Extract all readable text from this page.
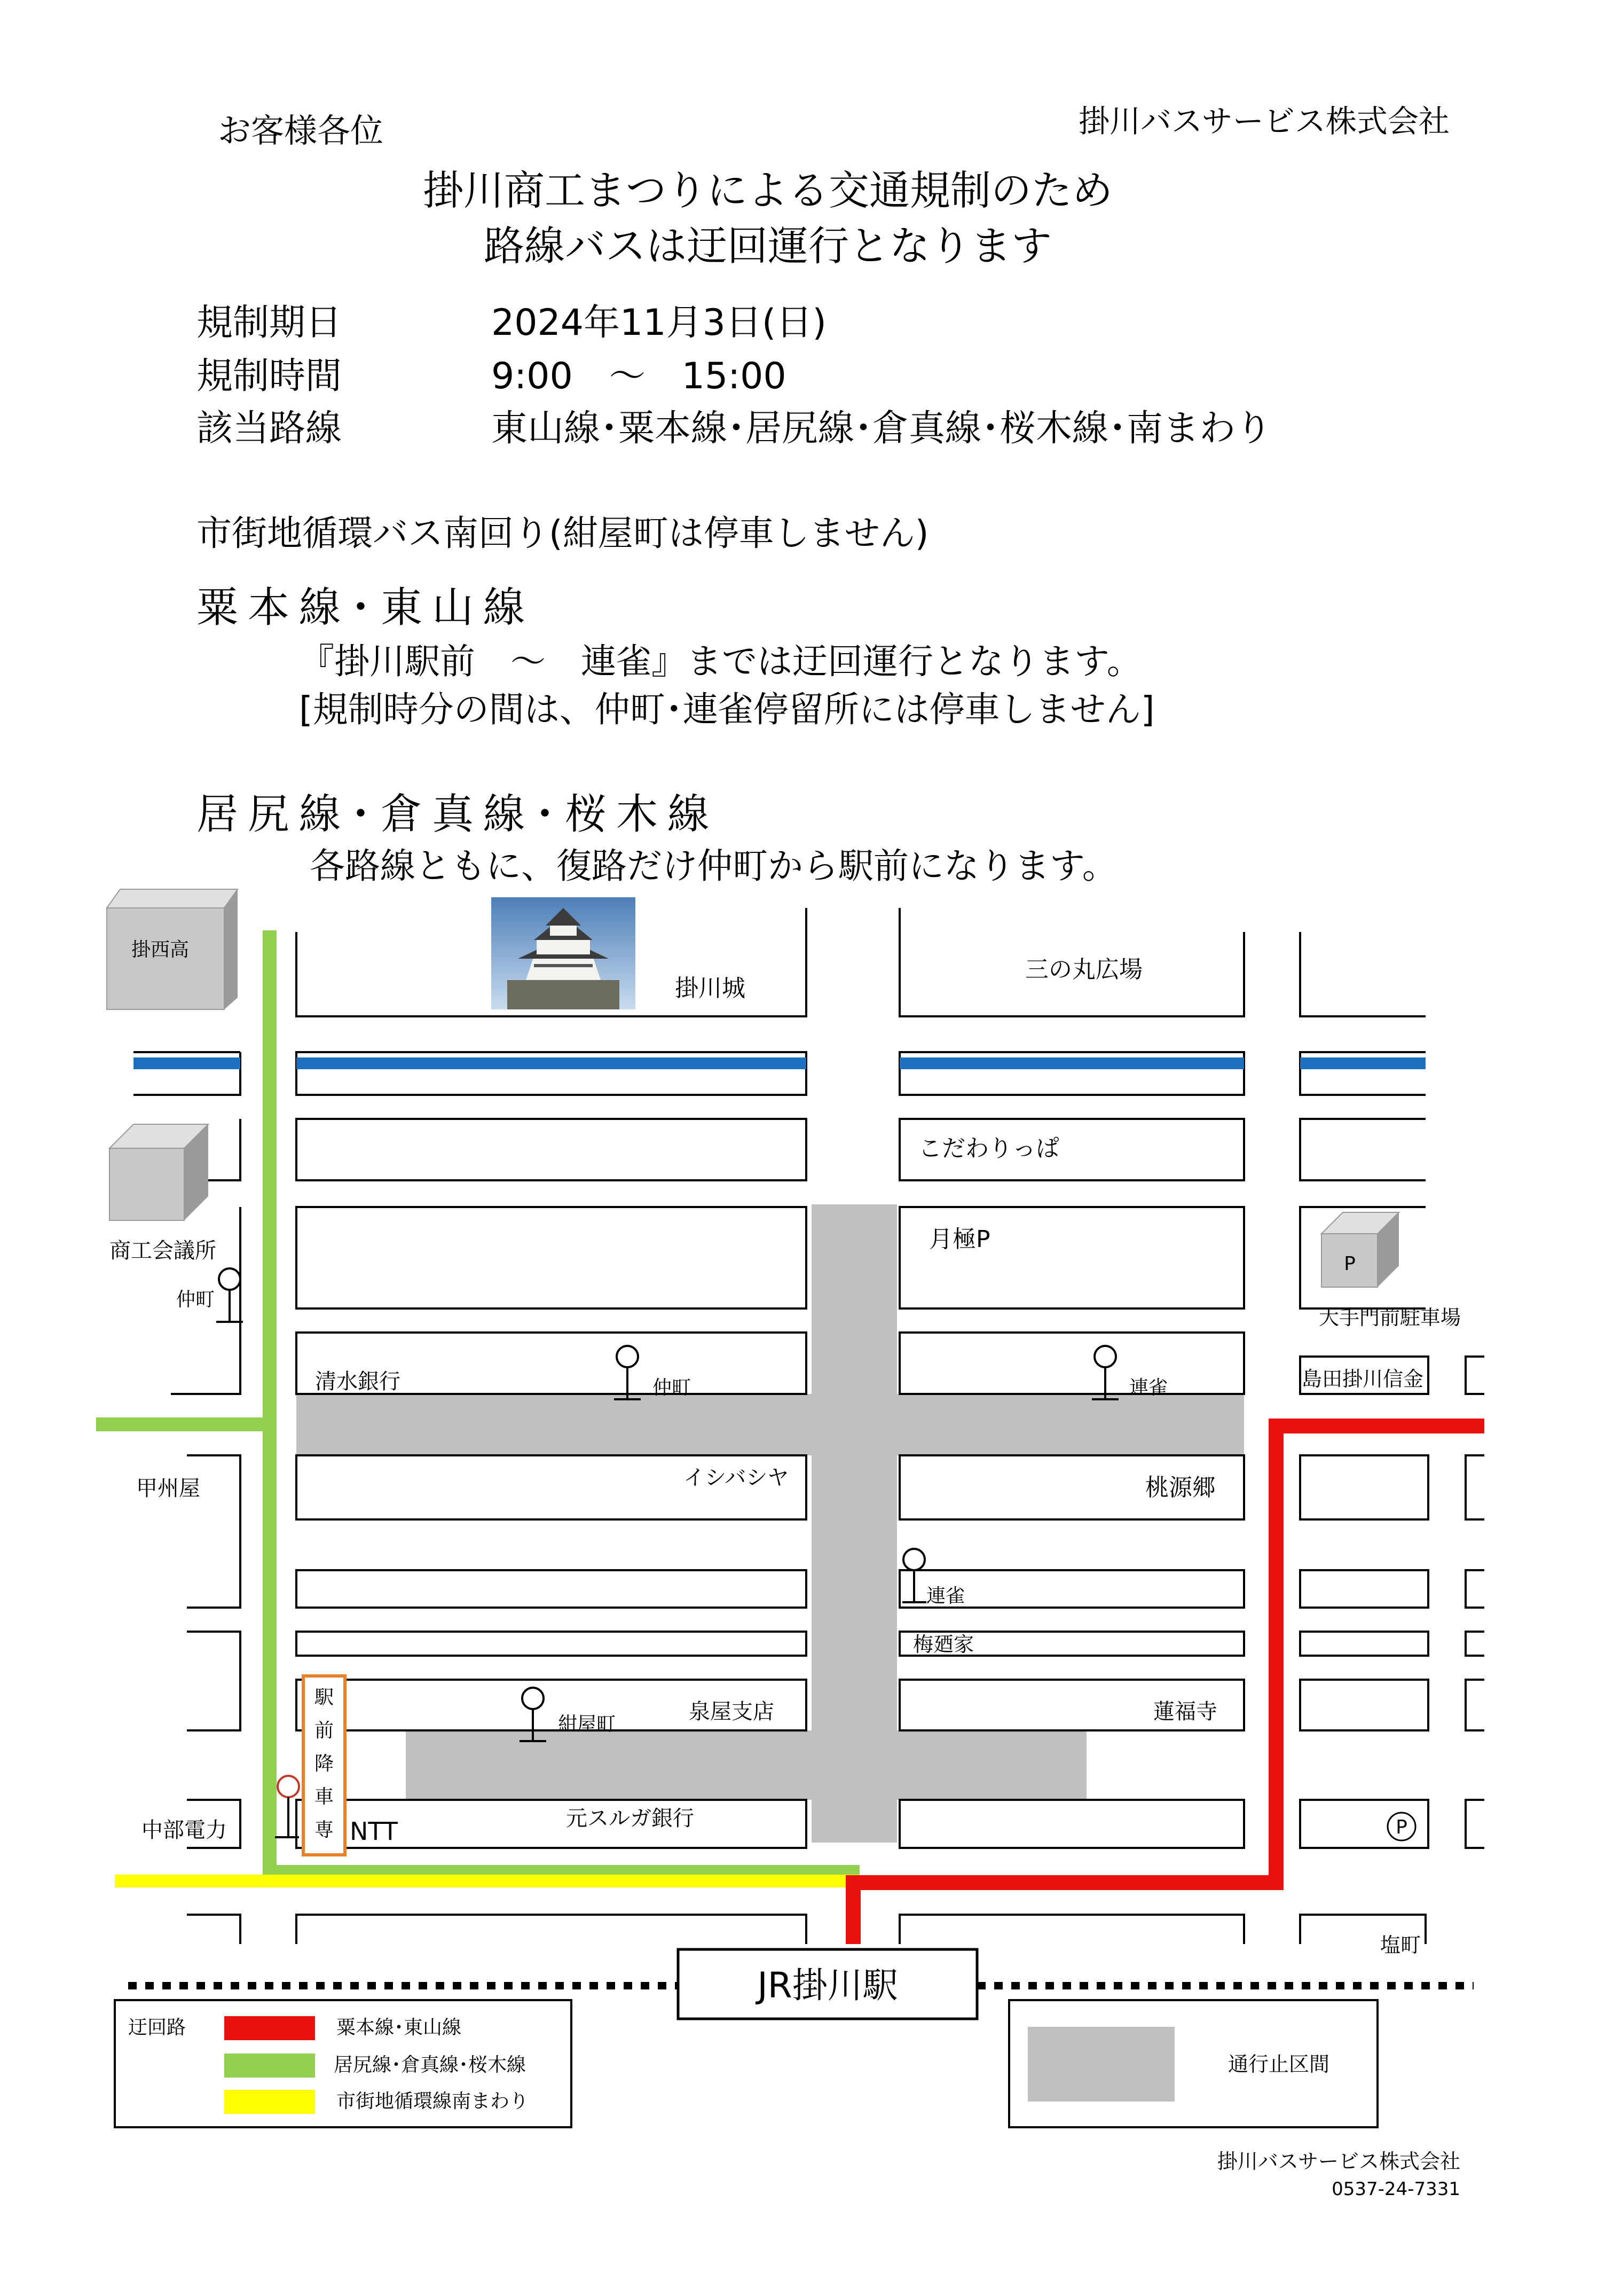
お客様各位	掛川バスサービス株式会社
掛川商工まつりによる交通規制のため
路線バスは迂回運行となります
規制期日	2024年11月3日(日)
規制時間	9:00　～　15:00
該当路線	東山線･粟本線･居尻線･倉真線･桜木線･南まわり
市街地循環バス南回り(紺屋町は停車しません)
粟本線･東山線
『掛川駅前　～　連雀』までは迂回運行となります。
[規制時分の間は、仲町･連雀停留所には停車しません]
居尻線･倉真線･桜木線
各路線ともに、復路だけ仲町から駅前になります。
JR掛川駅
掛西高
P
駅前降車専	P
掛川城
三の丸広場
こだわりっぱ
商工会議所
仲町
月極P
大手門前駐車場
清水銀行	仲町	連雀	島田掛川信金
甲州屋	イシバシヤ	桃源郷
連雀
梅廼家
紺屋町
泉屋支店	蓮福寺
中部電力	NTT	元スルガ銀行
塩町
迂回路	粟本線･東山線
居尻線･倉真線･桜木線
市街地循環線南まわり
通行止区間
掛川バスサービス株式会社
0537-24-7331
